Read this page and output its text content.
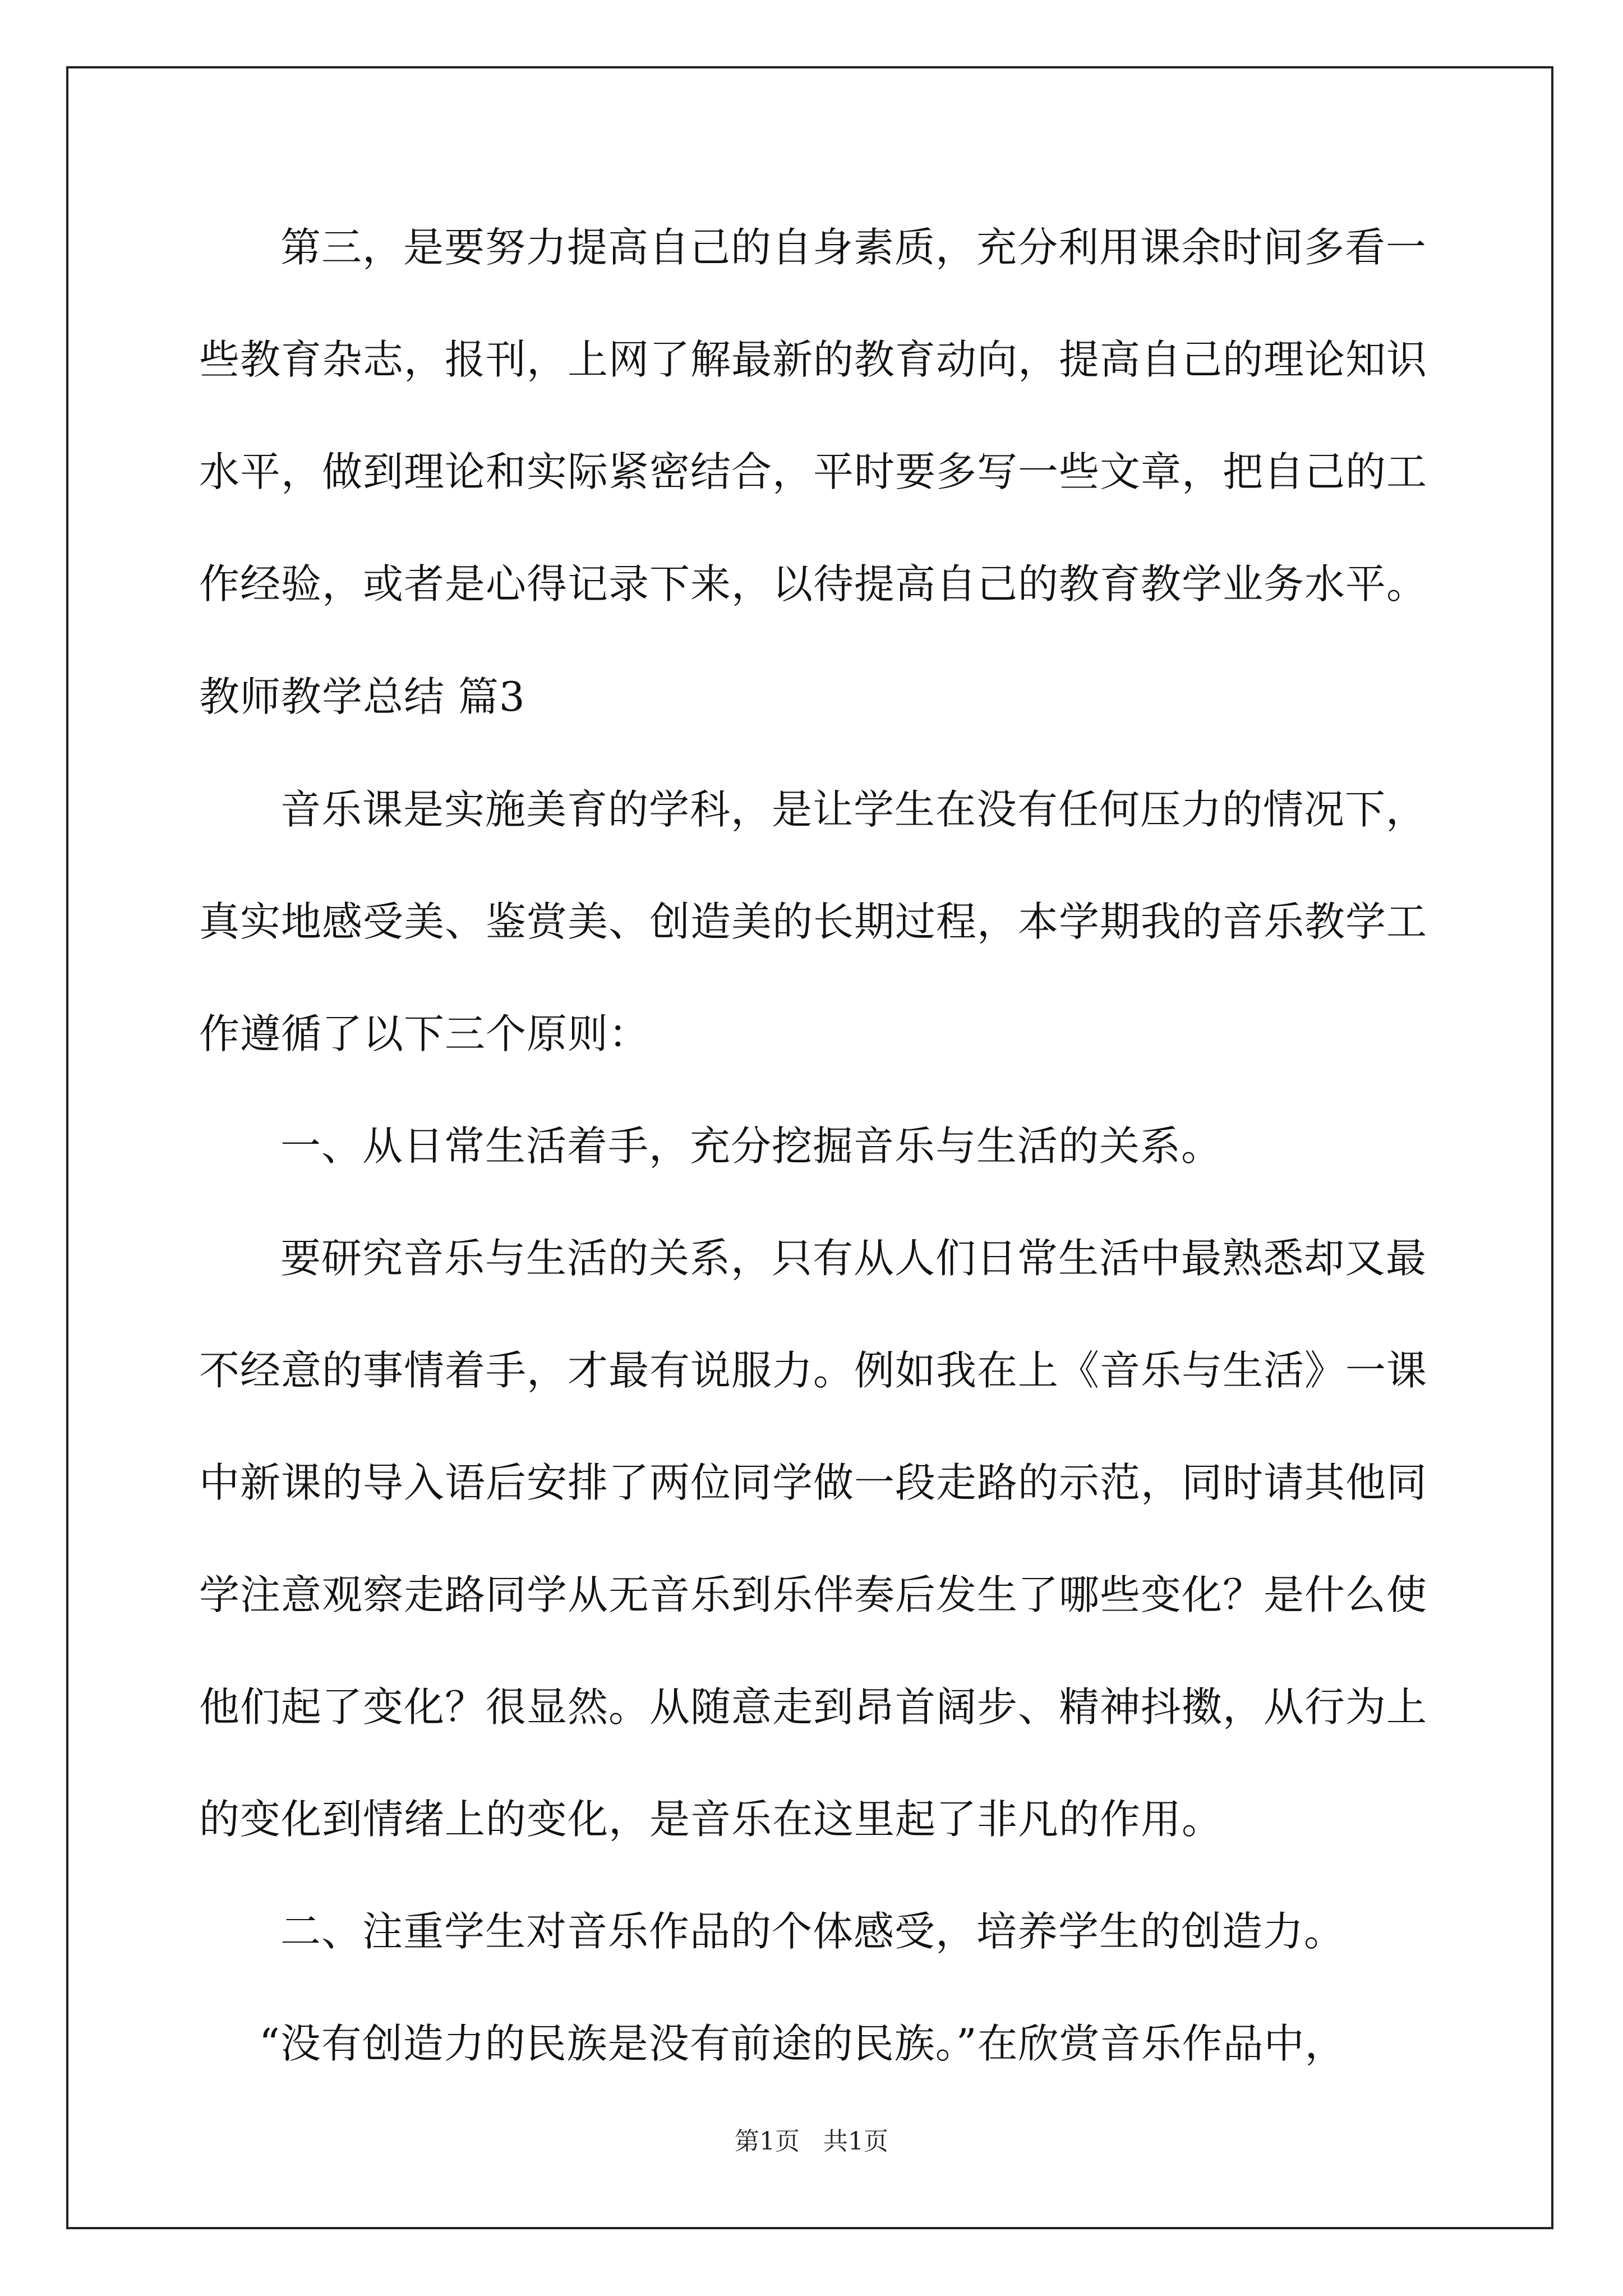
第三，是要努力提高自己的自身素质，充分利用课余时间多看一
些教育杂志，报刊，上网了解最新的教育动向，提高自己的理论知识
水平，做到理论和实际紧密结合，平时要多写一些文章，把自己的工
作经验，或者是心得记录下来，以待提高自己的教育教学业务水平。
教师教学总结 篇3
音乐课是实施美育的学科，是让学生在没有任何压力的情况下，
真实地感受美、鉴赏美、创造美的长期过程，本学期我的音乐教学工
作遵循了以下三个原则：
一、从日常生活着手，充分挖掘音乐与生活的关系。
要研究音乐与生活的关系，只有从人们日常生活中最熟悉却又最
不经意的事情着手，才最有说服力。例如我在上《音乐与生活》一课
中新课的导入语后安排了两位同学做一段走路的示范，同时请其他同
学注意观察走路同学从无音乐到乐伴奏后发生了哪些变化？是什么使
他们起了变化？很显然。从随意走到昂首阔步、精神抖擞，从行为上
的变化到情绪上的变化，是音乐在这里起了非凡的作用。
二、注重学生对音乐作品的个体感受，培养学生的创造力。
“没有创造力的民族是没有前途的民族。”在欣赏音乐作品中，
第1页 共1页
